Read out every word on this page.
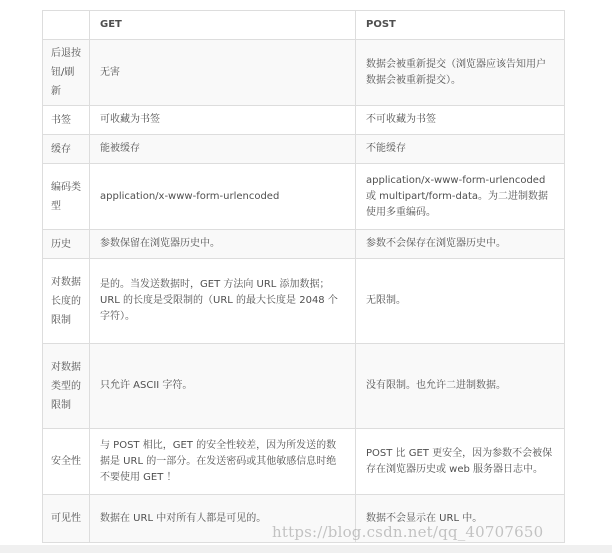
	GET	POST
后退按钮/刷新	无害	数据会被重新提交（浏览器应该告知用户数据会被重新提交）。
书签	可收藏为书签	不可收藏为书签
缓存	能被缓存	不能缓存
编码类型	application/x-www-form-urlencoded	application/x-www-form-urlencoded 或 multipart/form-data。为二进制数据使用多重编码。
历史	参数保留在浏览器历史中。	参数不会保存在浏览器历史中。
对数据长度的限制	是的。当发送数据时，GET 方法向 URL 添加数据；URL 的长度是受限制的（URL 的最大长度是 2048 个字符）。	无限制。
对数据类型的限制	只允许 ASCII 字符。	没有限制。也允许二进制数据。
安全性	与 POST 相比，GET 的安全性较差，因为所发送的数据是 URL 的一部分。在发送密码或其他敏感信息时绝不要使用 GET ！	POST 比 GET 更安全，因为参数不会被保存在浏览器历史或 web 服务器日志中。
可见性	数据在 URL 中对所有人都是可见的。	数据不会显示在 URL 中。
https://blog.csdn.net/qq_40707650
